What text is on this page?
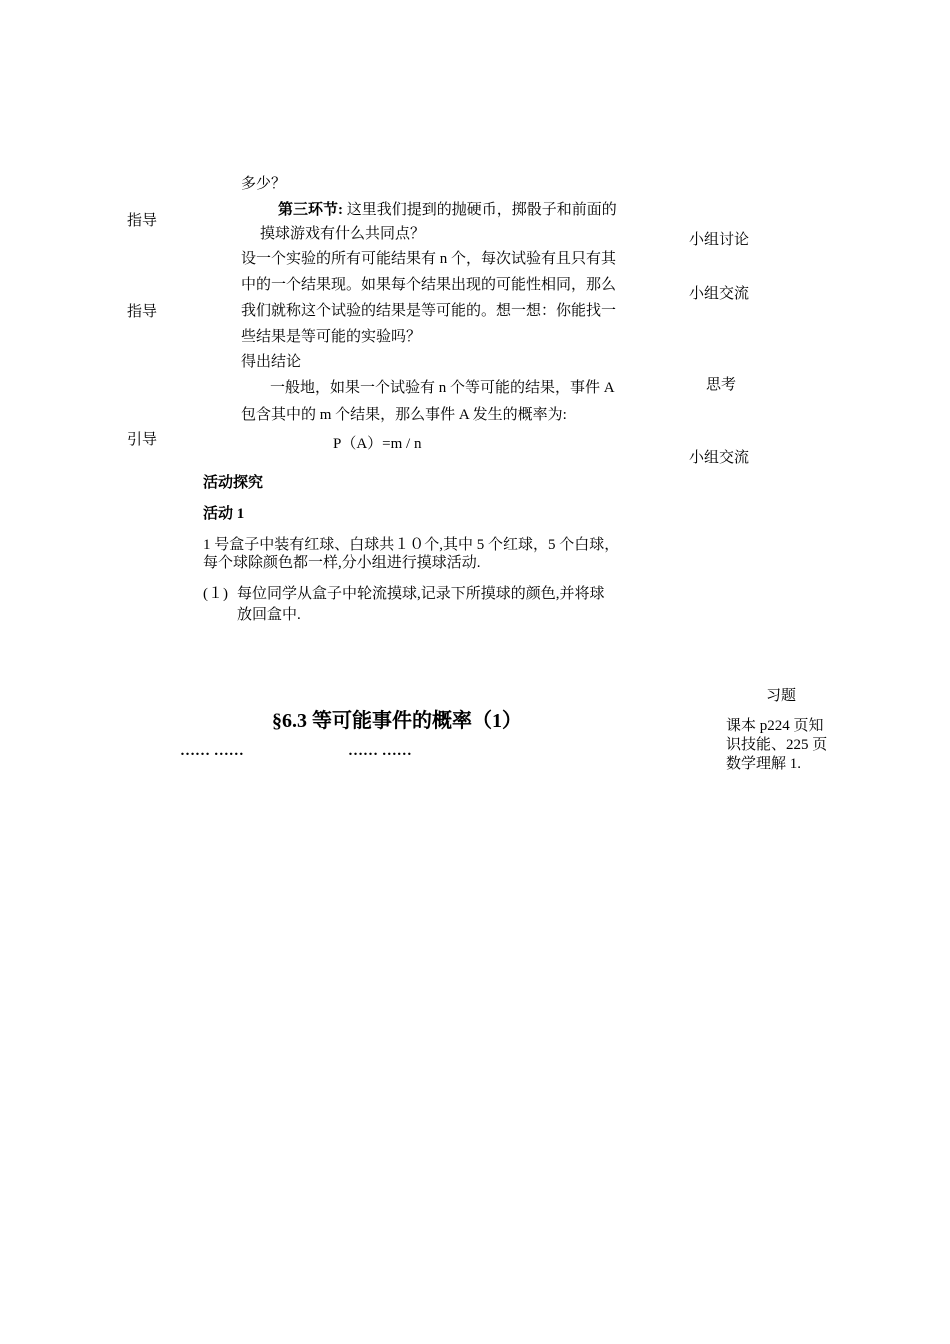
指导
指导
引导
多少？
第三环节: 这里我们提到的抛硬币，掷骰子和前面的
摸球游戏有什么共同点？
设一个实验的所有可能结果有 n 个，每次试验有且只有其
中的一个结果现。如果每个结果出现的可能性相同，那么
我们就称这个试验的结果是等可能的。想一想：你能找一
些结果是等可能的实验吗？
得出结论
一般地，如果一个试验有 n 个等可能的结果，事件 A
包含其中的 m 个结果，那么事件 A 发生的概率为:
P（A）=m / n
小组讨论
小组交流
思考
小组交流
活动探究
活动 1
1 号盒子中装有红球、白球共１０个,其中 5 个红球，5 个白球，
每个球除颜色都一样,分小组进行摸球活动.
(１) 每位同学从盒子中轮流摸球,记录下所摸球的颜色,并将球
放回盒中.
§6.3 等可能事件的概率（1）
…… ……	…… ……
习题
课本 p224 页知
识技能、225 页
数学理解 1.
